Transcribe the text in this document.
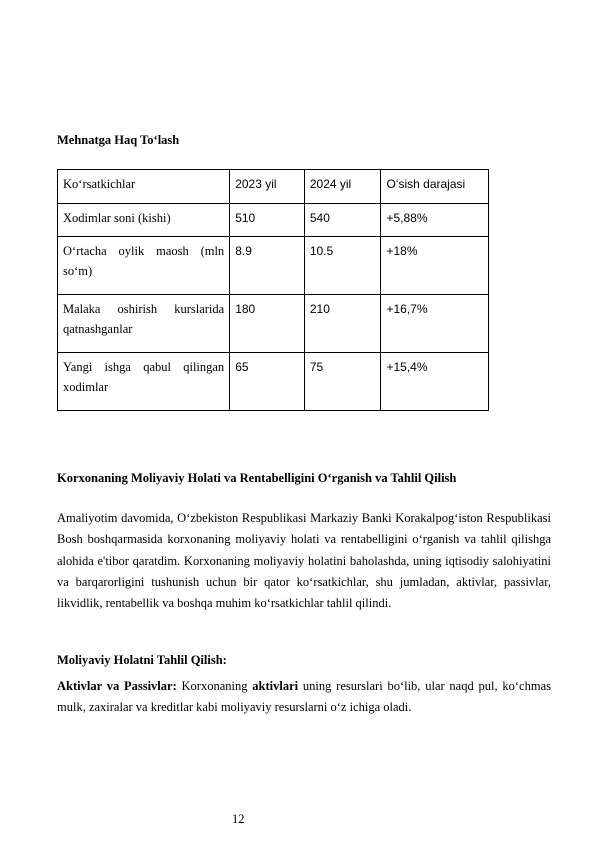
Mehnatga Haq To‘lash
Ko‘rsatkichlar	2023 yil	2024 yil	O‘sish darajasi
Xodimlar soni (kishi)	510	540	+5,88%

O‘rtacha oylik maosh (mln
so‘m)	8.9	10.5	+18%

Malaka oshirish kurslarida
qatnashganlar	180	210	+16,7%

Yangi ishga qabul qilingan
xodimlar	65	75	+15,4%
Korxonaning Moliyaviy Holati va Rentabelligini O‘rganish va Tahlil Qilish
Amaliyotim davomida, O‘zbekiston Respublikasi Markaziy Banki Korakalpog‘iston Respublikasi Bosh boshqarmasida korxonaning moliyaviy holati va rentabelligini o‘rganish va tahlil qilishga alohida e'tibor qaratdim. Korxonaning moliyaviy holatini baholashda, uning iqtisodiy salohiyatini va barqarorligini tushunish uchun bir qator ko‘rsatkichlar, shu jumladan, aktivlar, passivlar, likvidlik, rentabellik va boshqa muhim ko‘rsatkichlar tahlil qilindi.
Moliyaviy Holatni Tahlil Qilish:
Aktivlar va Passivlar: Korxonaning aktivlari uning resurslari bo‘lib, ular naqd pul, ko‘chmas mulk, zaxiralar va kreditlar kabi moliyaviy resurslarni o‘z ichiga oladi.
12
